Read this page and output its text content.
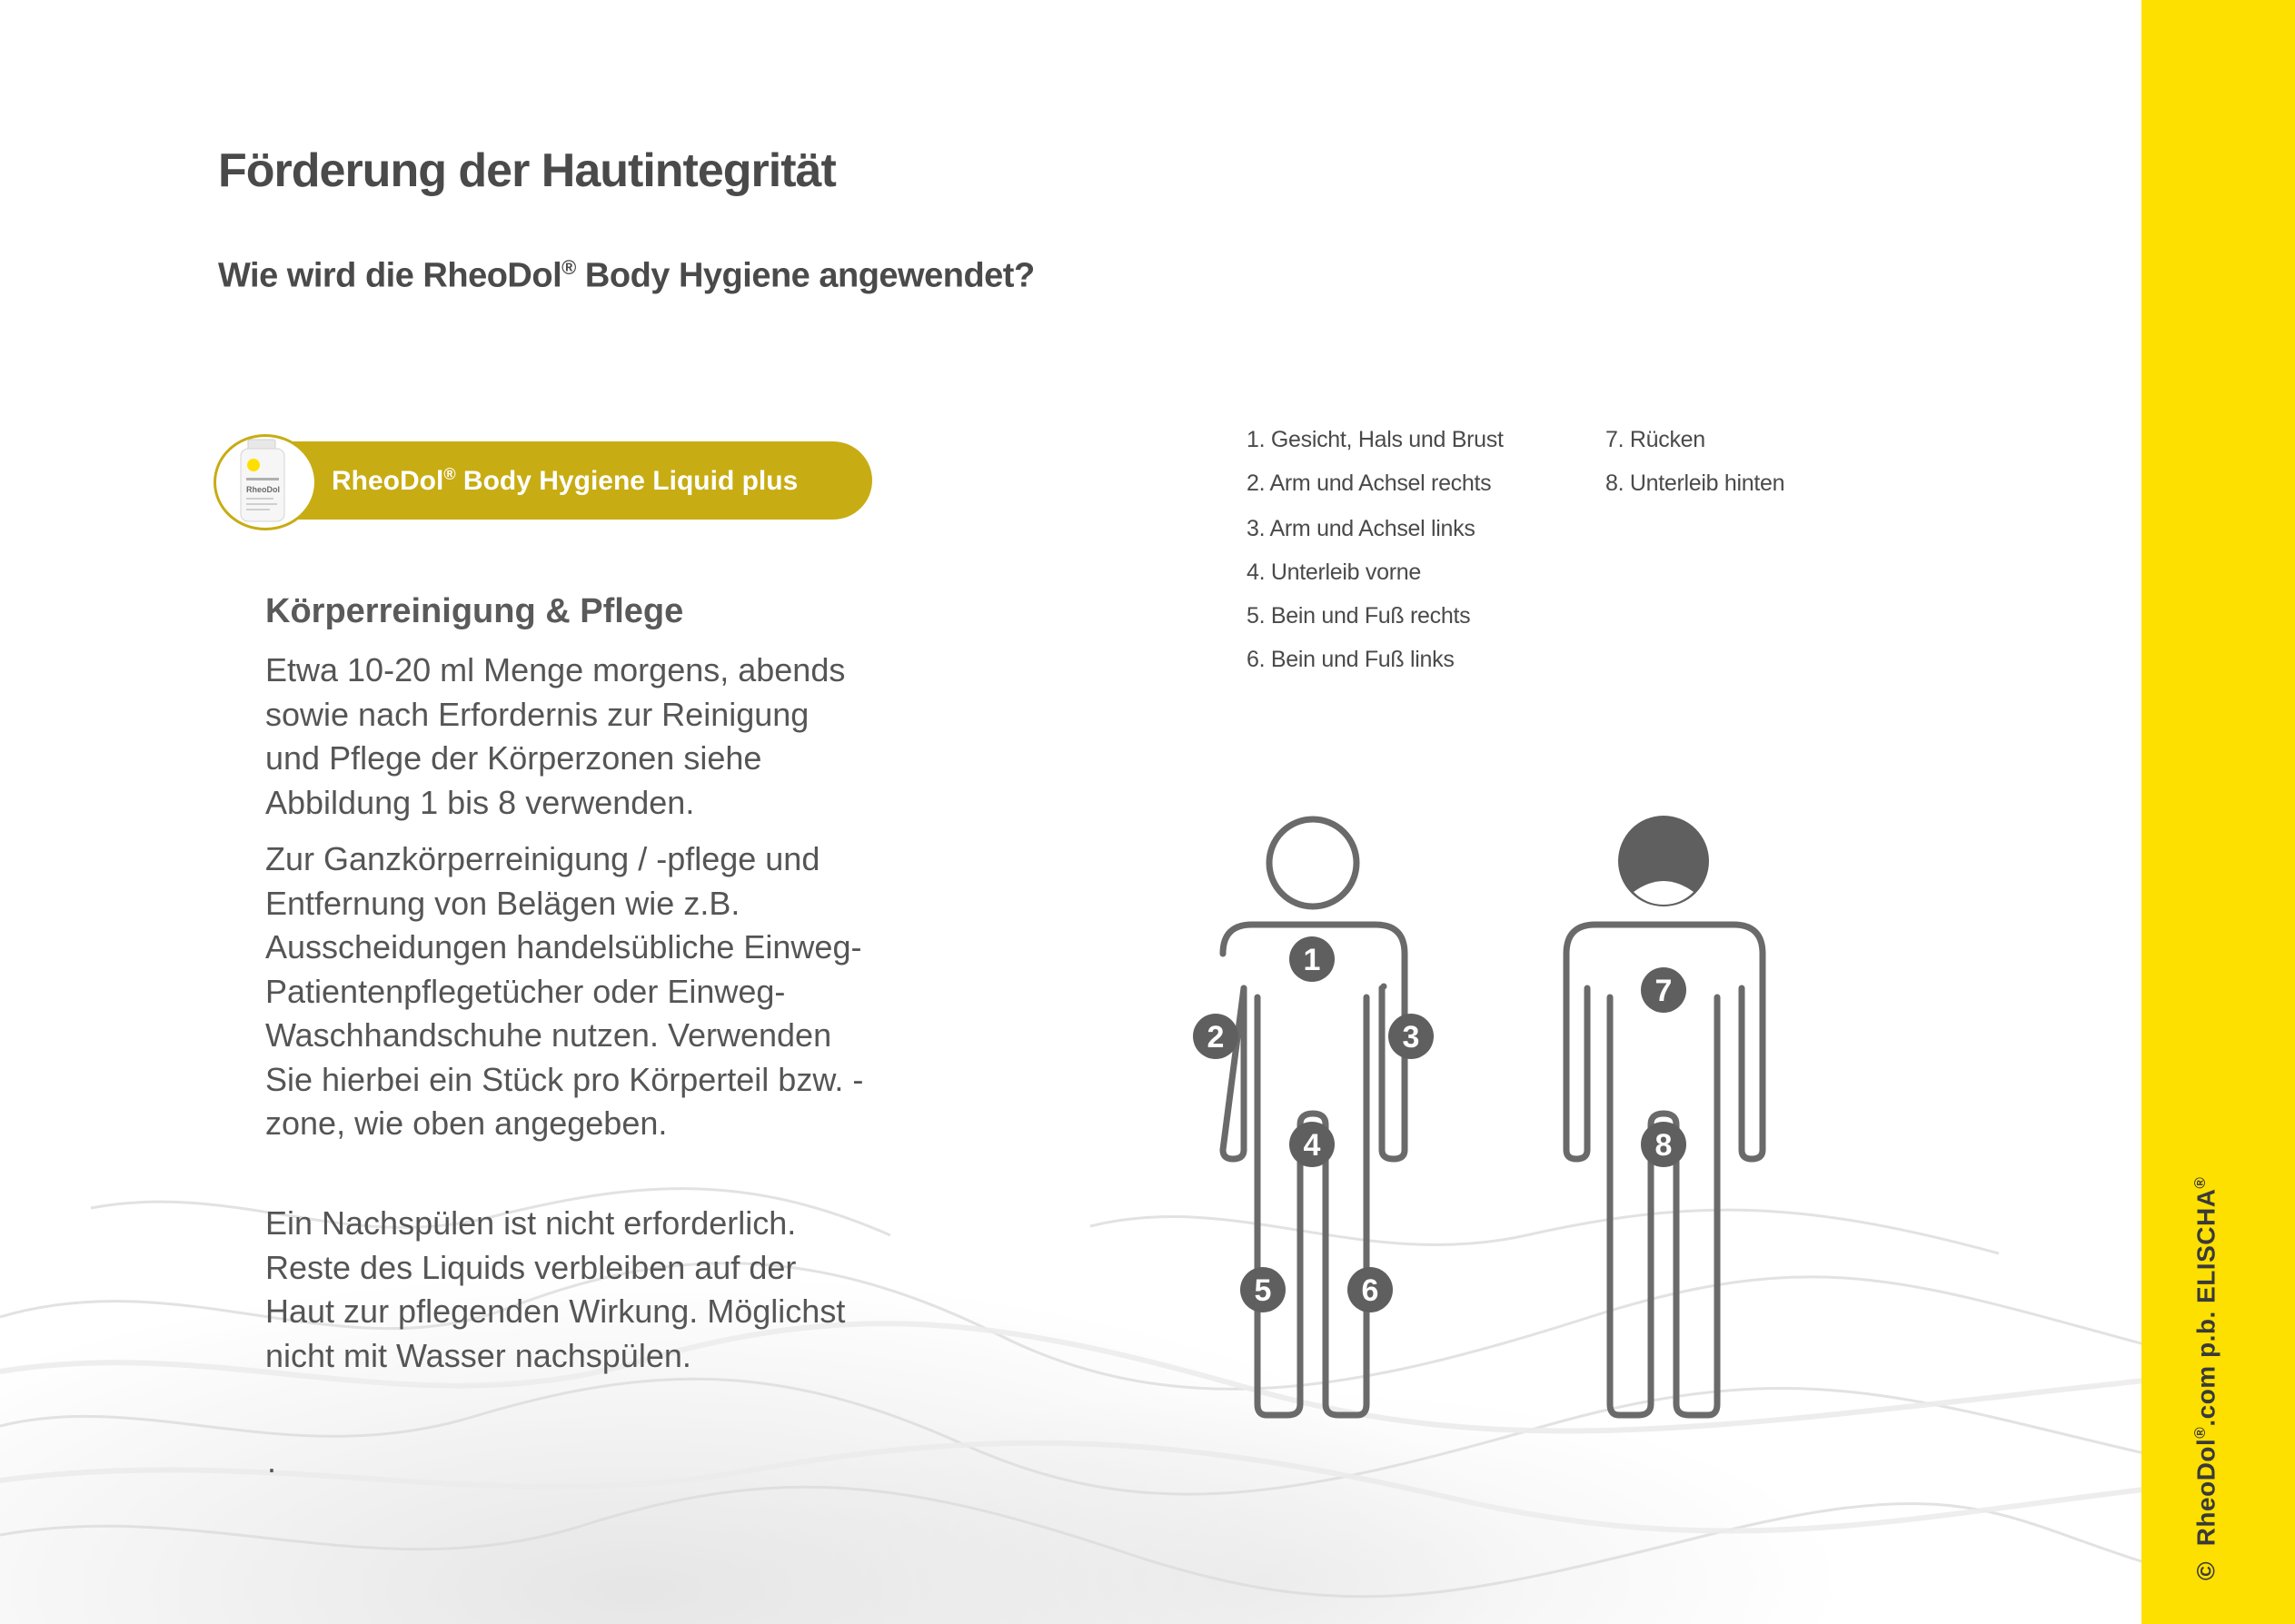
Förderung der Hautintegrität
Wie wird die RheoDol® Body Hygiene angewendet?
RheoDol RheoDol® Body Hygiene Liquid plus
Körperreinigung & Pflege

Etwa 10-20 ml Menge morgens, abends sowie nach Erfordernis zur Reinigung und Pflege der Körperzonen siehe Abbildung 1 bis 8 verwenden.

Zur Ganzkörperreinigung / -pflege und Entfernung von Belägen wie z.B. Ausscheidungen handelsübliche Einweg-Patientenpflegetücher oder Einweg-Waschhandschuhe nutzen. Verwenden Sie hierbei ein Stück pro Körperteil bzw. -zone, wie oben angegeben.

Ein Nachspülen ist nicht erforderlich. Reste des Liquids verbleiben auf der Haut zur pflegenden Wirkung. Möglichst nicht mit Wasser nachspülen.

.
1. Gesicht, Hals und Brust
2. Arm und Achsel rechts
3. Arm und Achsel links
4. Unterleib vorne
5. Bein und Fuß rechts
6. Bein und Fuß links
7. Rücken
8. Unterleib hinten
1
2	3
4
5	6
7
8
©  RheoDol®.com p.b. ELISCHA®
